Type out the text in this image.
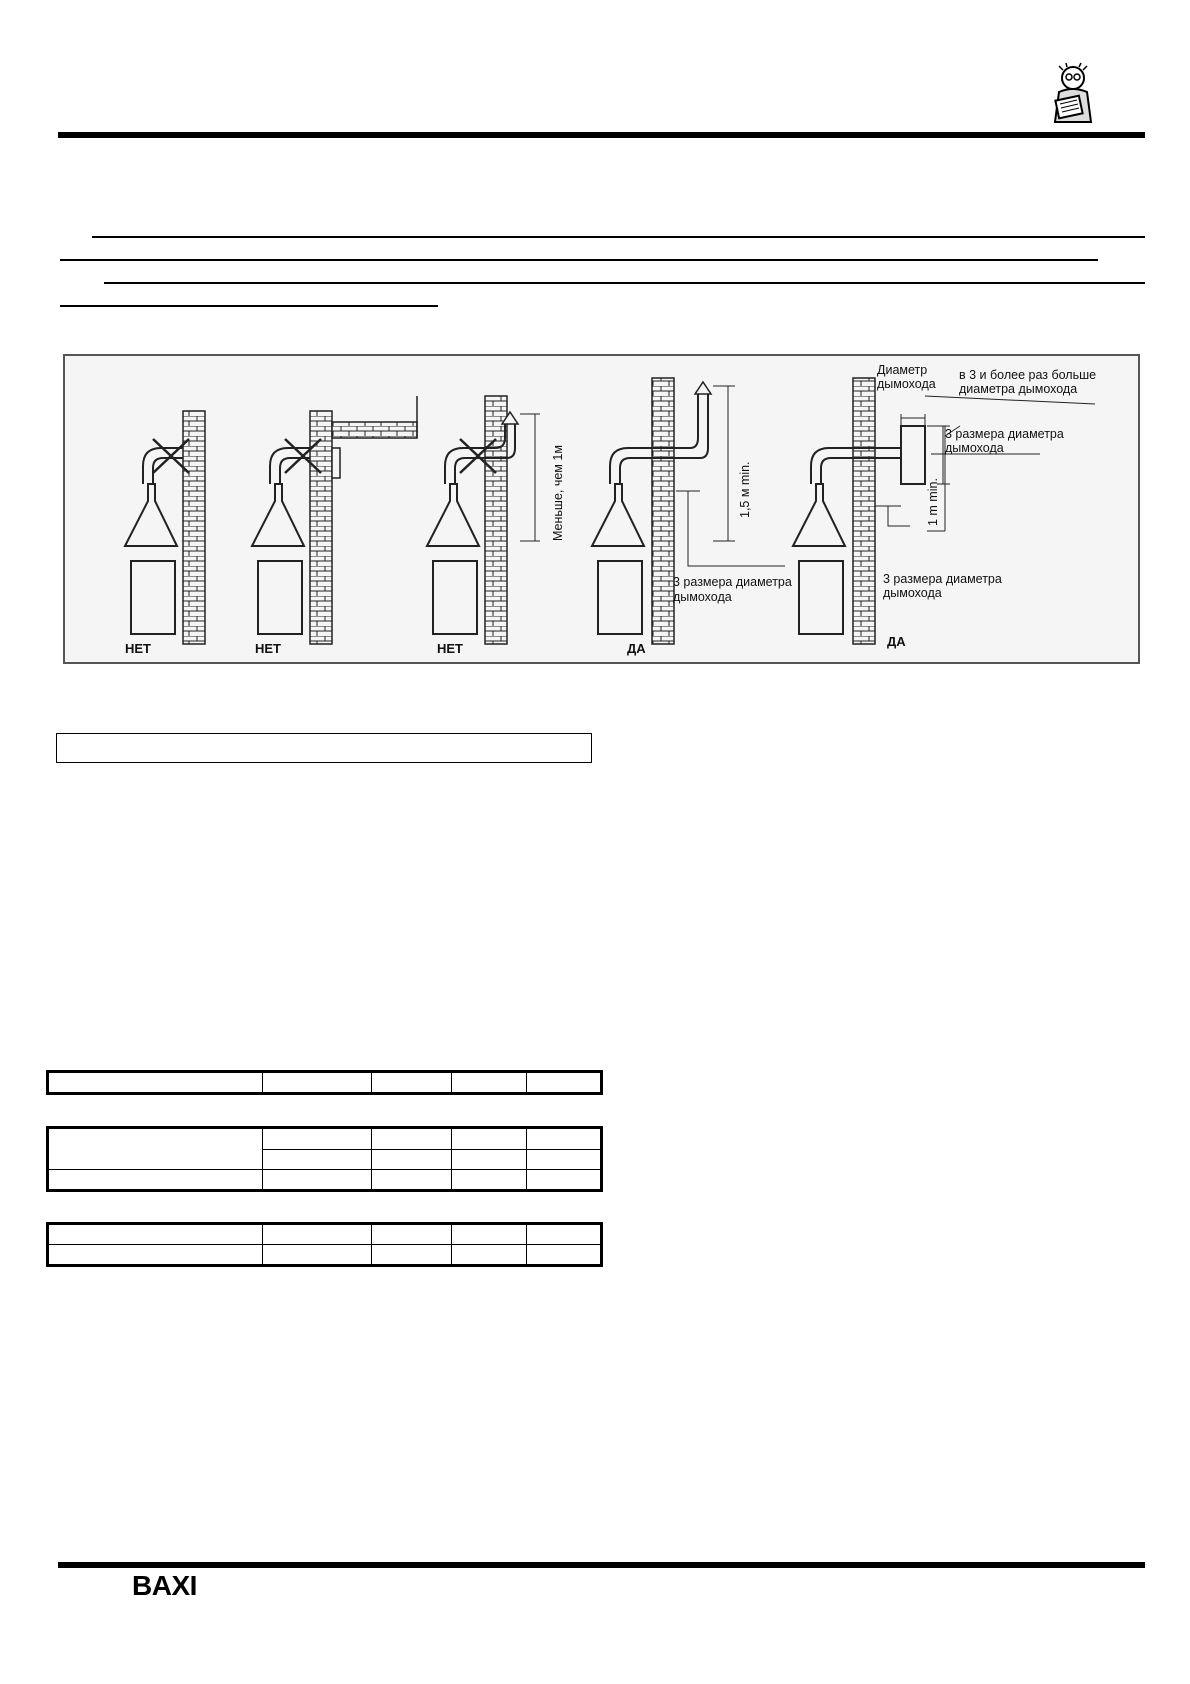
НЕТ	НЕТ
Меньше, чем 1м
НЕТ
1,5 м min.
3 размера диаметра
дымохода
ДА
Диаметр
дымохода
в 3 и более раз больше
диаметра дымохода
3 размера диаметра
дымохода
1 m min.
3 размера диаметра
дымохода
ДА

BAXI
